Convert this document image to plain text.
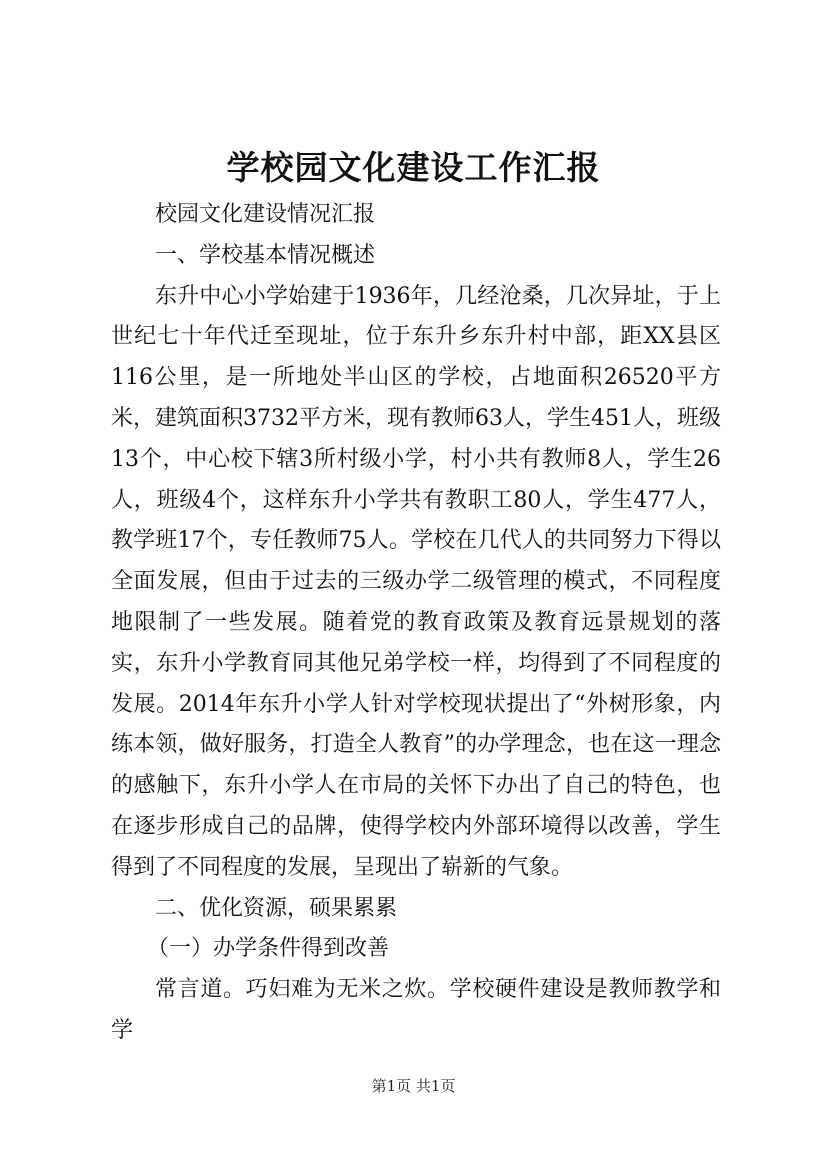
学校园文化建设工作汇报

校园文化建设情况汇报

一、学校基本情况概述

东升中心小学始建于1936年，几经沧桑，几次异址，于上世纪七十年代迁至现址，位于东升乡东升村中部，距XX县区116公里，是一所地处半山区的学校，占地面积26520平方米，建筑面积3732平方米，现有教师63人，学生451人，班级13个，中心校下辖3所村级小学，村小共有教师8人，学生26人，班级4个，这样东升小学共有教职工80人，学生477人，教学班17个，专任教师75人。学校在几代人的共同努力下得以全面发展，但由于过去的三级办学二级管理的模式，不同程度地限制了一些发展。随着党的教育政策及教育远景规划的落实，东升小学教育同其他兄弟学校一样，均得到了不同程度的发展。2014年东升小学人针对学校现状提出了“外树形象，内练本领，做好服务，打造全人教育”的办学理念，也在这一理念的感触下，东升小学人在市局的关怀下办出了自己的特色，也在逐步形成自己的品牌，使得学校内外部环境得以改善，学生得到了不同程度的发展，呈现出了崭新的气象。

二、优化资源，硕果累累

（一）办学条件得到改善

常言道。巧妇难为无米之炊。学校硬件建设是教师教学和学

第1页 共1页
